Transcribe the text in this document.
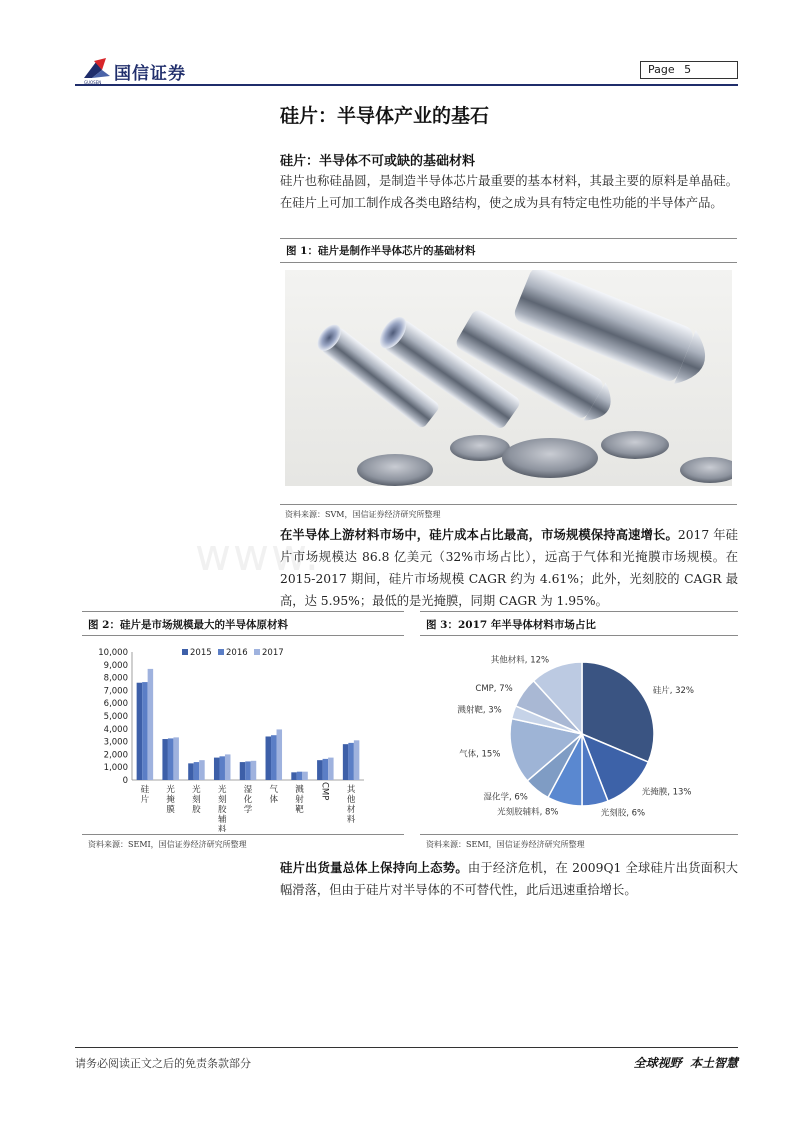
国信证券
GUOSEN
Page 5
www.
硅片：半导体产业的基石
硅片：半导体不可或缺的基础材料
硅片也称硅晶圆，是制造半导体芯片最重要的基本材料，其最主要的原料是单晶硅。在硅片上可加工制作成各类电路结构，使之成为具有特定电性功能的半导体产品。
图 1：硅片是制作半导体芯片的基础材料
资料来源：SVM，国信证券经济研究所整理
在半导体上游材料市场中，硅片成本占比最高，市场规模保持高速增长。2017 年硅片市场规模达 86.8 亿美元（32%市场占比），远高于气体和光掩膜市场规模。在 2015-2017 期间，硅片市场规模 CAGR 约为 4.61%；此外，光刻胶的 CAGR 最高，达 5.95%；最低的是光掩膜，同期 CAGR 为 1.95%。
图 2：硅片是市场规模最大的半导体原材料
0
1,000
2,000
3,000
4,000
5,000
6,000
7,000
8,000
9,000
10,000
硅片
光掩膜
光刻胶
光刻胶辅料
湿化学
气体
溅射靶
CMP 其他材料
2015 2016 2017
资料来源：SEMI，国信证券经济研究所整理
图 3：2017 年半导体材料市场占比
硅片, 32%
光掩膜, 13%
光刻胶, 6%
光刻胶辅料, 8%
湿化学, 6%
气体, 15%
溅射靶, 3%
CMP, 7%
其他材料, 12%
资料来源：SEMI，国信证券经济研究所整理
硅片出货量总体上保持向上态势。由于经济危机，在 2009Q1 全球硅片出货面积大幅滑落，但由于硅片对半导体的不可替代性，此后迅速重拾增长。
请务必阅读正文之后的免责条款部分	全球视野  本土智慧
